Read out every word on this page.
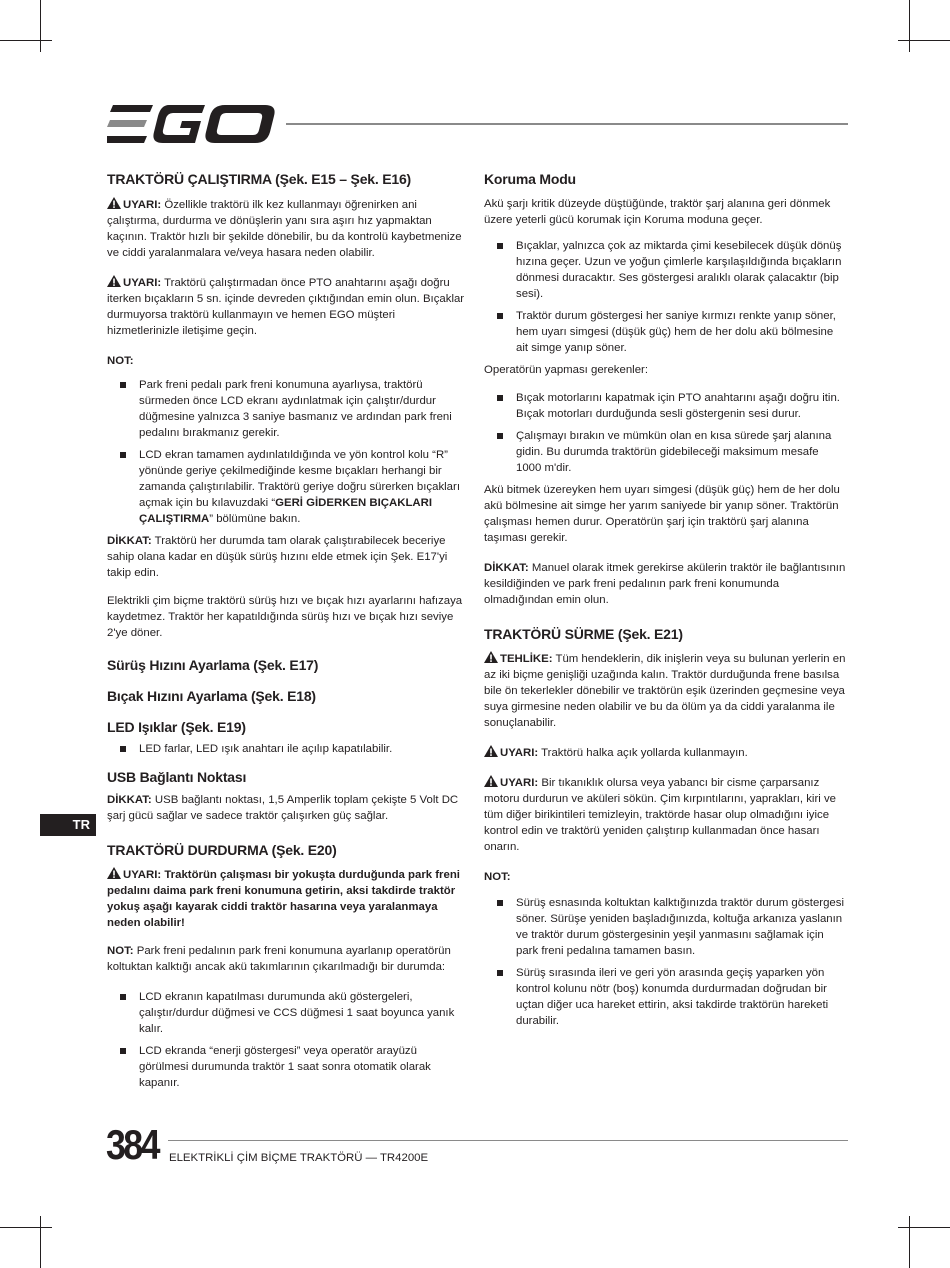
TRAKTÖRÜ ÇALIŞTIRMA (Şek. E15 – Şek. E16)

UYARI: Özellikle traktörü ilk kez kullanmayı öğrenirken ani çalıştırma, durdurma ve dönüşlerin yanı sıra aşırı hız yapmaktan kaçının. Traktör hızlı bir şekilde dönebilir, bu da kontrolü kaybetmenize ve ciddi yaralanmalara ve/veya hasara neden olabilir.

UYARI: Traktörü çalıştırmadan önce PTO anahtarını aşağı doğru iterken bıçakların 5 sn. içinde devreden çıktığından emin olun. Bıçaklar durmuyorsa traktörü kullanmayın ve hemen EGO müşteri hizmetlerinizle iletişime geçin.

NOT:

Park freni pedalı park freni konumuna ayarlıysa, traktörü sürmeden önce LCD ekranı aydınlatmak için çalıştır/durdur düğmesine yalnızca 3 saniye basmanız ve ardından park freni pedalını bırakmanız gerekir.
LCD ekran tamamen aydınlatıldığında ve yön kontrol kolu “R” yönünde geriye çekilmediğinde kesme bıçakları herhangi bir zamanda çalıştırılabilir. Traktörü geriye doğru sürerken bıçakları açmak için bu kılavuzdaki “GERİ GİDERKEN BIÇAKLARI ÇALIŞTIRMA” bölümüne bakın.

DİKKAT: Traktörü her durumda tam olarak çalıştırabilecek beceriye sahip olana kadar en düşük sürüş hızını elde etmek için Şek. E17'yi takip edin.

Elektrikli çim biçme traktörü sürüş hızı ve bıçak hızı ayarlarını hafızaya kaydetmez. Traktör her kapatıldığında sürüş hızı ve bıçak hızı seviye 2'ye döner.

Sürüş Hızını Ayarlama (Şek. E17)
Bıçak Hızını Ayarlama (Şek. E18)
LED Işıklar (Şek. E19)
LED farlar, LED ışık anahtarı ile açılıp kapatılabilir.
USB Bağlantı Noktası

DİKKAT: USB bağlantı noktası, 1,5 Amperlik toplam çekişte 5 Volt DC şarj gücü sağlar ve sadece traktör çalışırken güç sağlar.

TRAKTÖRÜ DURDURMA (Şek. E20)

UYARI: Traktörün çalışması bir yokuşta durduğunda park freni pedalını daima park freni konumuna getirin, aksi takdirde traktör yokuş aşağı kayarak ciddi traktör hasarına veya yaralanmaya neden olabilir!

NOT: Park freni pedalının park freni konumuna ayarlanıp operatörün koltuktan kalktığı ancak akü takımlarının çıkarılmadığı bir durumda:

LCD ekranın kapatılması durumunda akü göstergeleri, çalıştır/durdur düğmesi ve CCS düğmesi 1 saat boyunca yanık kalır.
LCD ekranda “enerji göstergesi” veya operatör arayüzü görülmesi durumunda traktör 1 saat sonra otomatik olarak kapanır.
Koruma Modu

Akü şarjı kritik düzeyde düştüğünde, traktör şarj alanına geri dönmek üzere yeterli gücü korumak için Koruma moduna geçer.

Bıçaklar, yalnızca çok az miktarda çimi kesebilecek düşük dönüş hızına geçer. Uzun ve yoğun çimlerle karşılaşıldığında bıçakların dönmesi duracaktır. Ses göstergesi aralıklı olarak çalacaktır (bip sesi).
Traktör durum göstergesi her saniye kırmızı renkte yanıp söner, hem uyarı simgesi (düşük güç) hem de her dolu akü bölmesine ait simge yanıp söner.

Operatörün yapması gerekenler:

Bıçak motorlarını kapatmak için PTO anahtarını aşağı doğru itin. Bıçak motorları durduğunda sesli göstergenin sesi durur.
Çalışmayı bırakın ve mümkün olan en kısa sürede şarj alanına gidin. Bu durumda traktörün gidebileceği maksimum mesafe 1000 m'dir.

Akü bitmek üzereyken hem uyarı simgesi (düşük güç) hem de her dolu akü bölmesine ait simge her yarım saniyede bir yanıp söner. Traktörün çalışması hemen durur. Operatörün şarj için traktörü şarj alanına taşıması gerekir.

DİKKAT: Manuel olarak itmek gerekirse akülerin traktör ile bağlantısının kesildiğinden ve park freni pedalının park freni konumunda olmadığından emin olun.

TRAKTÖRÜ SÜRME (Şek. E21)

TEHLİKE: Tüm hendeklerin, dik inişlerin veya su bulunan yerlerin en az iki biçme genişliği uzağında kalın. Traktör durduğunda frene basılsa bile ön tekerlekler dönebilir ve traktörün eşik üzerinden geçmesine veya suya girmesine neden olabilir ve bu da ölüm ya da ciddi yaralanma ile sonuçlanabilir.

UYARI: Traktörü halka açık yollarda kullanmayın.

UYARI: Bir tıkanıklık olursa veya yabancı bir cisme çarparsanız motoru durdurun ve aküleri sökün. Çim kırpıntılarını, yaprakları, kiri ve tüm diğer birikintileri temizleyin, traktörde hasar olup olmadığını iyice kontrol edin ve traktörü yeniden çalıştırıp kullanmadan önce hasarı onarın.

NOT:

Sürüş esnasında koltuktan kalktığınızda traktör durum göstergesi söner. Sürüşe yeniden başladığınızda, koltuğa arkanıza yaslanın ve traktör durum göstergesinin yeşil yanmasını sağlamak için park freni pedalına tamamen basın.
Sürüş sırasında ileri ve geri yön arasında geçiş yaparken yön kontrol kolunu nötr (boş) konumda durdurmadan doğrudan bir uçtan diğer uca hareket ettirin, aksi takdirde traktörün hareketi durabilir.
TR
384 ELEKTRİKLİ ÇİM BİÇME TRAKTÖRÜ — TR4200E
